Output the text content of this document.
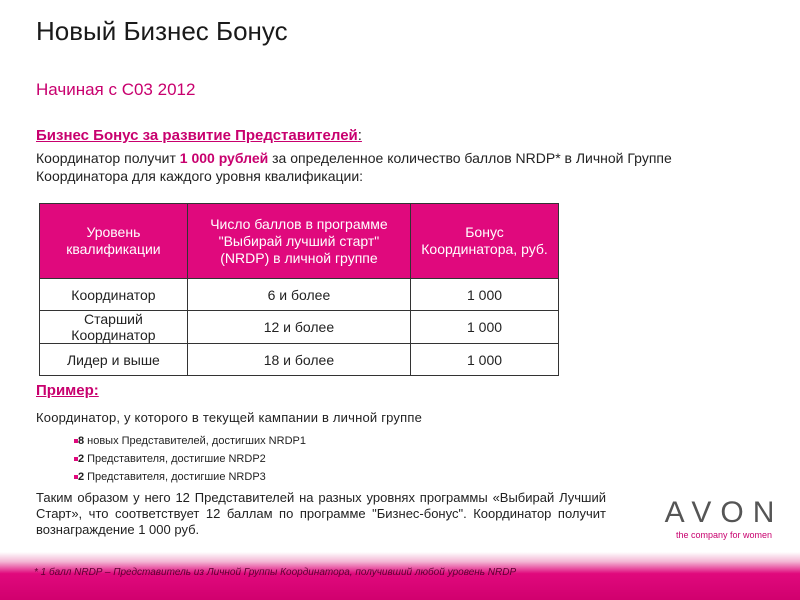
Новый Бизнес Бонус
Начиная с С03 2012
Бизнес Бонус за развитие Представителей:
Координатор получит 1 000 рублей за определенное количество баллов NRDP* в Личной Группе Координатора для каждого уровня квалификации:
Уровень квалификации	Число баллов в программе "Выбирай лучший старт" (NRDP) в личной группе	Бонус Координатора, руб.
Координатор	6 и более	1 000
Старший Координатор	12 и более	1 000
Лидер и выше	18 и более	1 000
Пример:
Координатор, у которого в текущей кампании в личной группе
8 новых Представителей, достигших NRDP1
2 Представителя, достигшие NRDP2
2 Представителя, достигшие NRDP3
Таким образом у него 12 Представителей на разных уровнях программы «Выбирай Лучший Старт», что соответствует 12 баллам по программе "Бизнес-бонус". Координатор получит вознаграждение 1 000 руб.
AVON
the company for women
* 1 балл NRDP – Представитель из Личной Группы Координатора, получивший любой уровень NRDP
